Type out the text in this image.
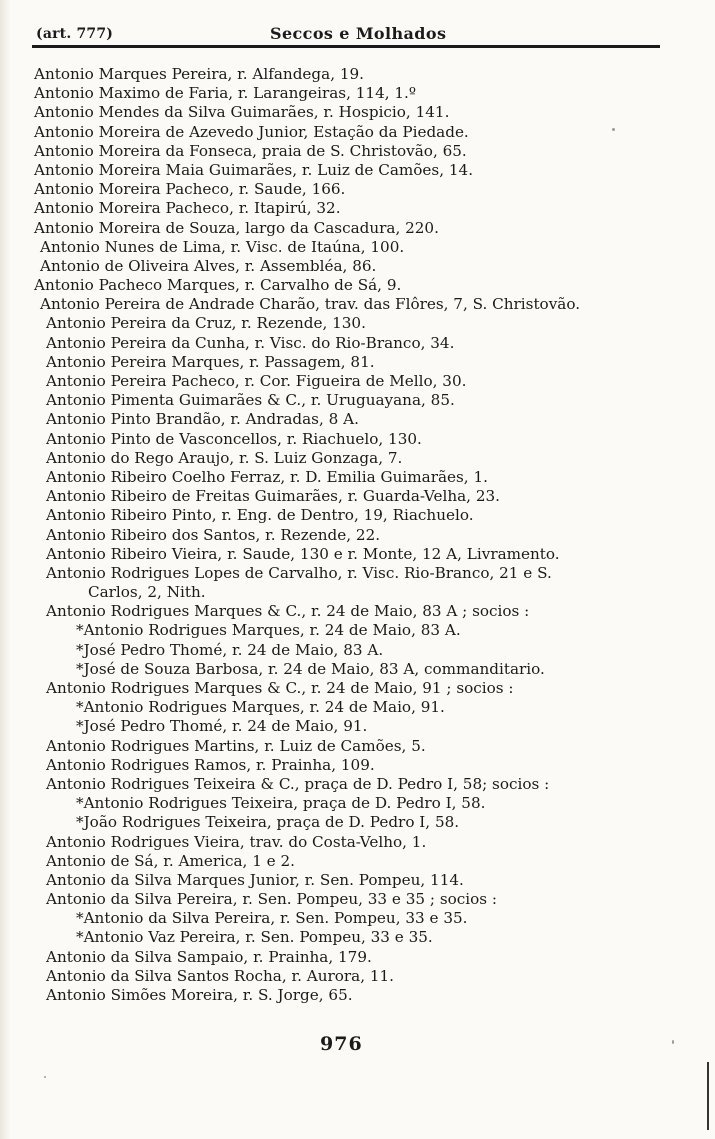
(art. 777)	Seccos e Molhados
Antonio Marques Pereira, r. Alfandega, 19.
Antonio Maximo de Faria, r. Larangeiras, 114, 1.º
Antonio Mendes da Silva Guimarães, r. Hospicio, 141.
Antonio Moreira de Azevedo Junior, Estação da Piedade.
Antonio Moreira da Fonseca, praia de S. Christovão, 65.
Antonio Moreira Maia Guimarães, r. Luiz de Camões, 14.
Antonio Moreira Pacheco, r. Saude, 166.
Antonio Moreira Pacheco, r. Itapirú, 32.
Antonio Moreira de Souza, largo da Cascadura, 220.
Antonio Nunes de Lima, r. Visc. de Itaúna, 100.
Antonio de Oliveira Alves, r. Assembléa, 86.
Antonio Pacheco Marques, r. Carvalho de Sá, 9.
Antonio Pereira de Andrade Charão, trav. das Flôres, 7, S. Christovão.
Antonio Pereira da Cruz, r. Rezende, 130.
Antonio Pereira da Cunha, r. Visc. do Rio-Branco, 34.
Antonio Pereira Marques, r. Passagem, 81.
Antonio Pereira Pacheco, r. Cor. Figueira de Mello, 30.
Antonio Pimenta Guimarães & C., r. Uruguayana, 85.
Antonio Pinto Brandão, r. Andradas, 8 A.
Antonio Pinto de Vasconcellos, r. Riachuelo, 130.
Antonio do Rego Araujo, r. S. Luiz Gonzaga, 7.
Antonio Ribeiro Coelho Ferraz, r. D. Emilia Guimarães, 1.
Antonio Ribeiro de Freitas Guimarães, r. Guarda-Velha, 23.
Antonio Ribeiro Pinto, r. Eng. de Dentro, 19, Riachuelo.
Antonio Ribeiro dos Santos, r. Rezende, 22.
Antonio Ribeiro Vieira, r. Saude, 130 e r. Monte, 12 A, Livramento.
Antonio Rodrigues Lopes de Carvalho, r. Visc. Rio-Branco, 21 e S.
Carlos, 2, Nith.
Antonio Rodrigues Marques & C., r. 24 de Maio, 83 A ; socios :
*Antonio Rodrigues Marques, r. 24 de Maio, 83 A.
*José Pedro Thomé, r. 24 de Maio, 83 A.
*José de Souza Barbosa, r. 24 de Maio, 83 A, commanditario.
Antonio Rodrigues Marques & C., r. 24 de Maio, 91 ; socios :
*Antonio Rodrigues Marques, r. 24 de Maio, 91.
*José Pedro Thomé, r. 24 de Maio, 91.
Antonio Rodrigues Martins, r. Luiz de Camões, 5.
Antonio Rodrigues Ramos, r. Prainha, 109.
Antonio Rodrigues Teixeira & C., praça de D. Pedro I, 58; socios :
*Antonio Rodrigues Teixeira, praça de D. Pedro I, 58.
*João Rodrigues Teixeira, praça de D. Pedro I, 58.
Antonio Rodrigues Vieira, trav. do Costa-Velho, 1.
Antonio de Sá, r. America, 1 e 2.
Antonio da Silva Marques Junior, r. Sen. Pompeu, 114.
Antonio da Silva Pereira, r. Sen. Pompeu, 33 e 35 ; socios :
*Antonio da Silva Pereira, r. Sen. Pompeu, 33 e 35.
*Antonio Vaz Pereira, r. Sen. Pompeu, 33 e 35.
Antonio da Silva Sampaio, r. Prainha, 179.
Antonio da Silva Santos Rocha, r. Aurora, 11.
Antonio Simões Moreira, r. S. Jorge, 65.
976
